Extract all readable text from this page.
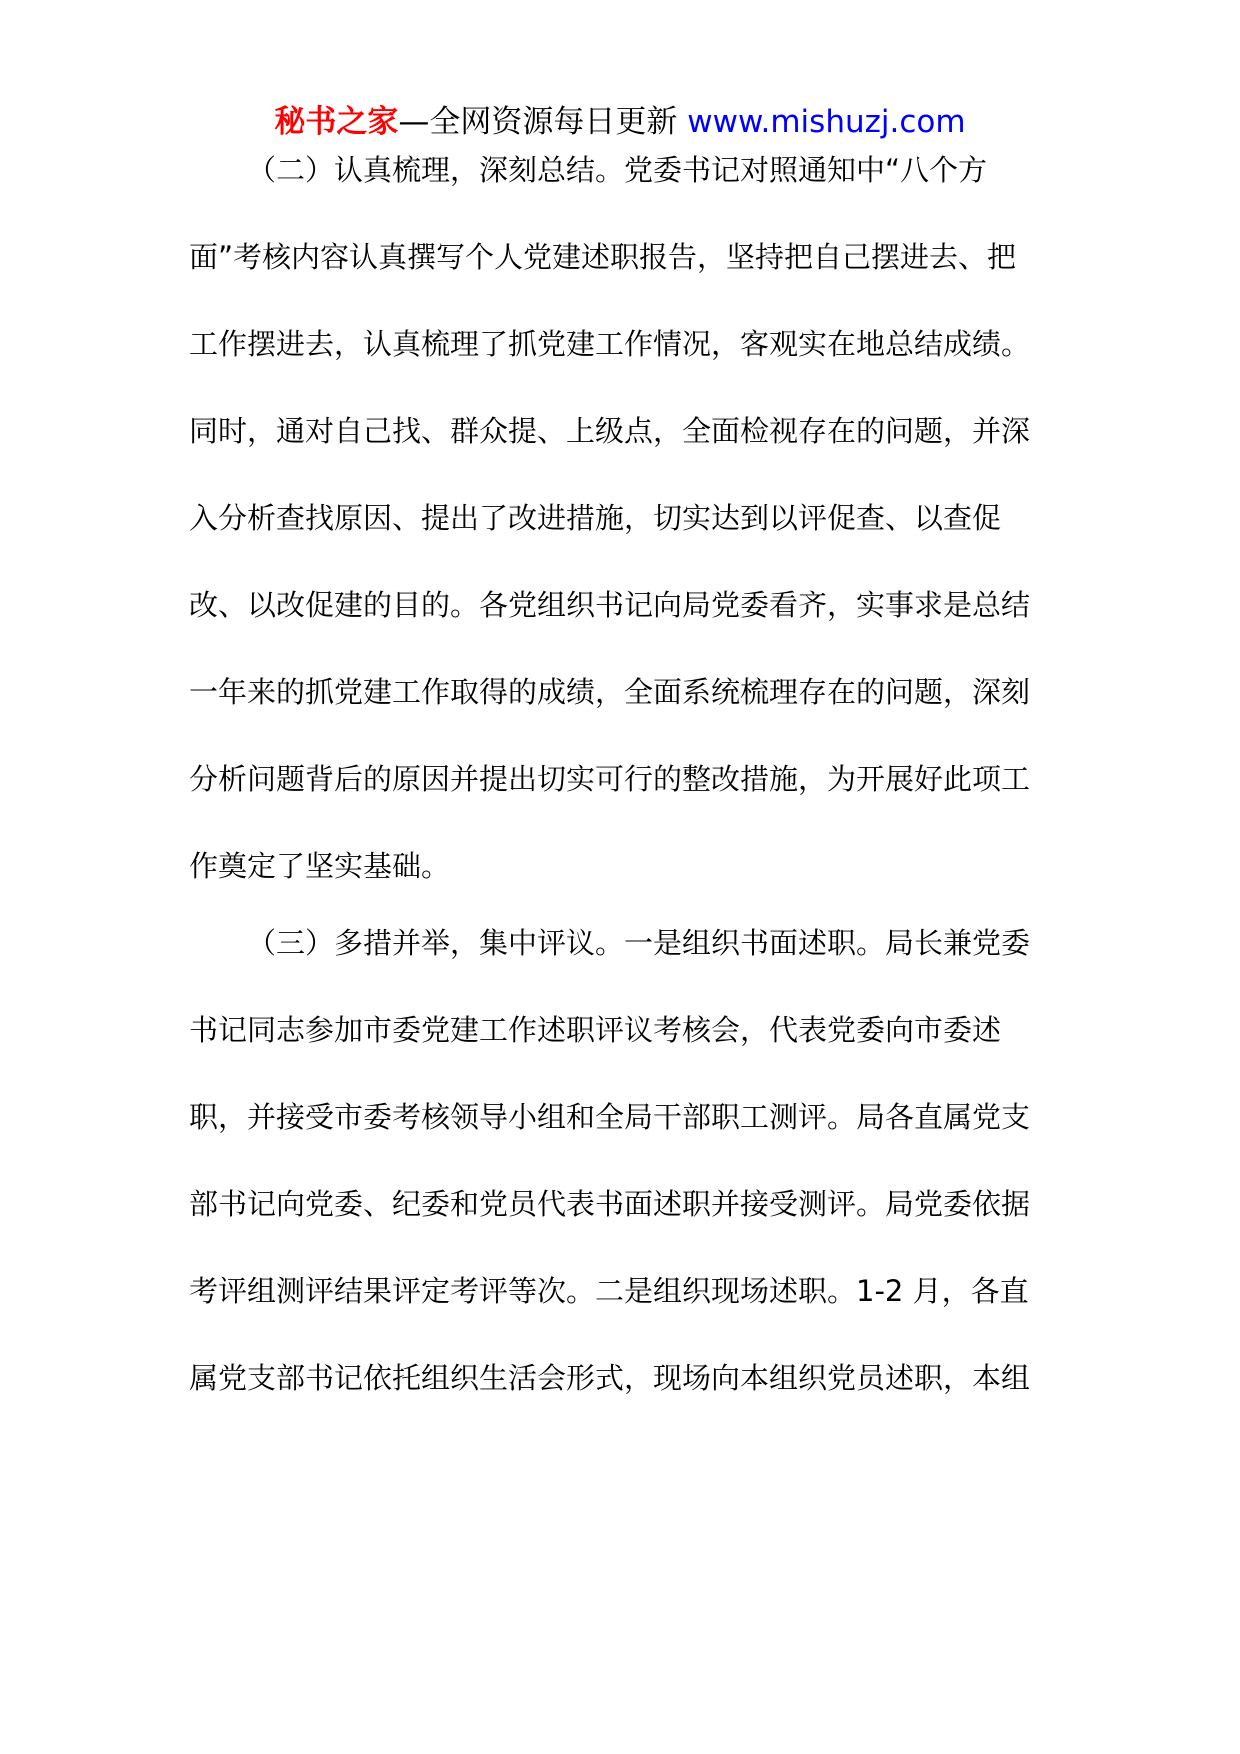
秘书之家—全网资源每日更新 www.mishuzj.com
（二）认真梳理，深刻总结。党委书记对照通知中“八个方
面”考核内容认真撰写个人党建述职报告，坚持把自己摆进去、把
工作摆进去，认真梳理了抓党建工作情况，客观实在地总结成绩。
同时，通对自己找、群众提、上级点，全面检视存在的问题，并深
入分析查找原因、提出了改进措施，切实达到以评促查、以查促
改、以改促建的目的。各党组织书记向局党委看齐，实事求是总结
一年来的抓党建工作取得的成绩，全面系统梳理存在的问题，深刻
分析问题背后的原因并提出切实可行的整改措施，为开展好此项工
作奠定了坚实基础。
（三）多措并举，集中评议。一是组织书面述职。局长兼党委
书记同志参加市委党建工作述职评议考核会，代表党委向市委述
职，并接受市委考核领导小组和全局干部职工测评。局各直属党支
部书记向党委、纪委和党员代表书面述职并接受测评。局党委依据
考评组测评结果评定考评等次。二是组织现场述职。1-2 月，各直
属党支部书记依托组织生活会形式，现场向本组织党员述职，本组
